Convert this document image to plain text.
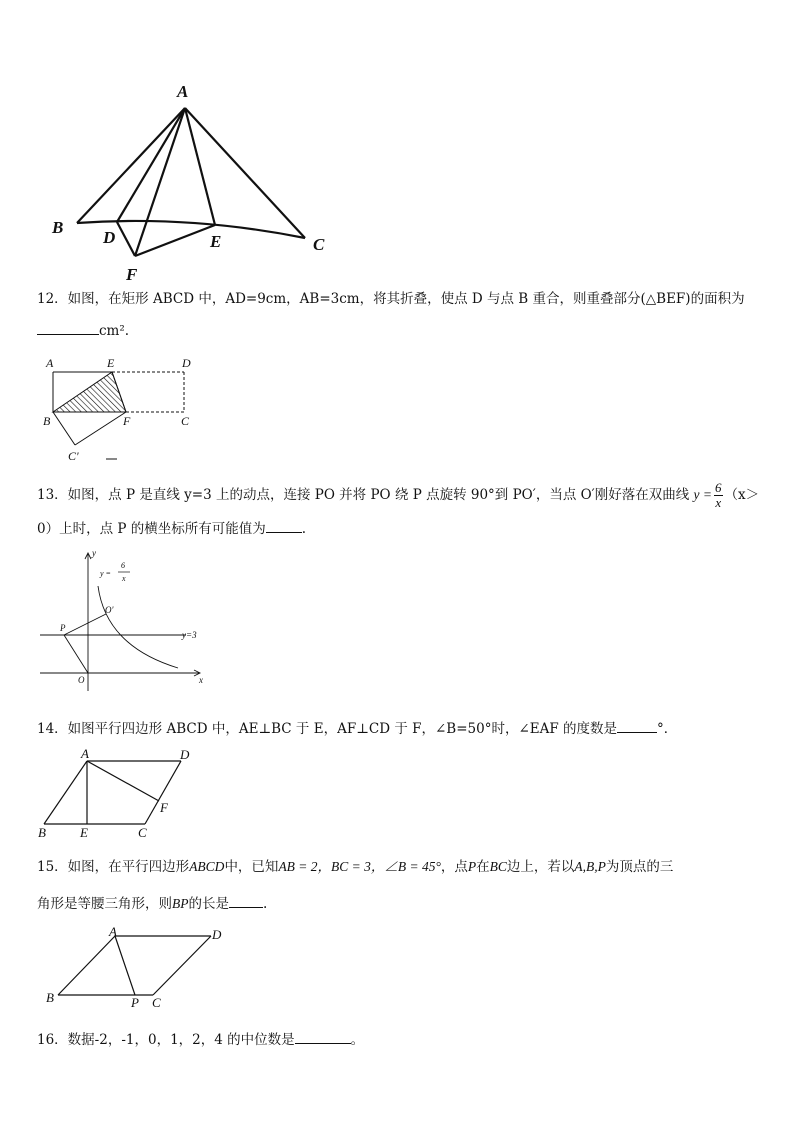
A
B
D	E	C
F
12．如图，在矩形 ABCD 中，AD=9cm，AB=3cm，将其折叠，使点 D 与点 B 重合，则重叠部分(△BEF)的面积为
cm².
A	E	D
B	F	C
C'
13．如图，点 P 是直线 y=3 上的动点，连接 PO 并将 PO 绕 P 点旋转 90°到 PO′，当点 O′刚好落在双曲线 $y = \frac{6}{x} (x>$
0）上时，点 P 的横坐标所有可能值为	.
y
y =
6
x
O'
P
y=3
O	x
14．如图平行四边形 ABCD 中，AE⊥BC 于 E，AF⊥CD 于 F，∠B=50°时，∠EAF 的度数是	°．
A	D
F
B	E	C
15．如图，在平行四边形ABCD中，已知AB = 2，BC = 3，∠B = 45°，点P在BC边上，若以A,B,P为顶点的三
角形是等腰三角形，则BP的长是	.
A	D
B	P C
16．数据-2，-1，0，1，2，4 的中位数是	。
